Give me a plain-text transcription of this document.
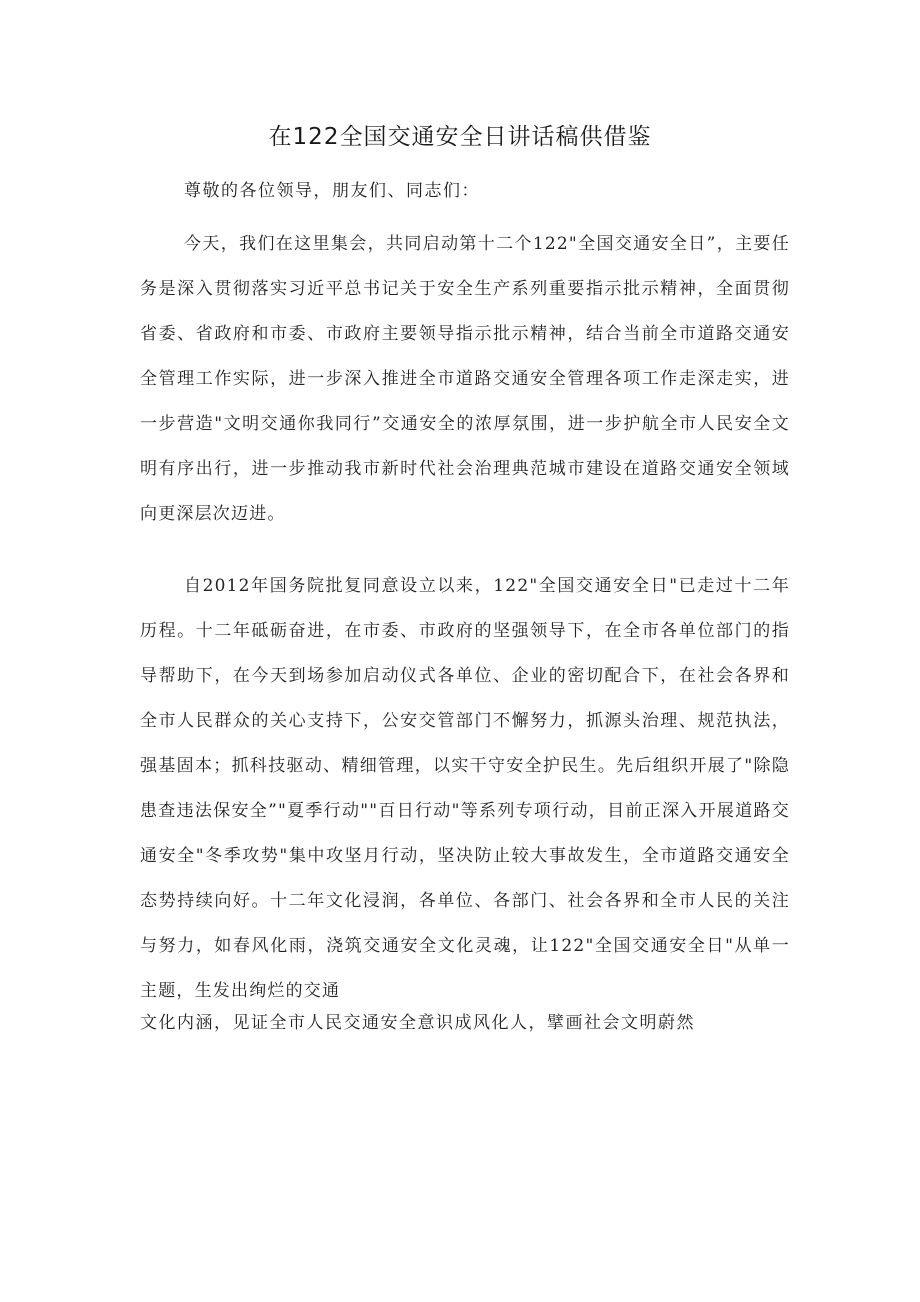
在122全国交通安全日讲话稿供借鉴

尊敬的各位领导，朋友们、同志们：

今天，我们在这里集会，共同启动第十二个122"全国交通安全日”，主要任务是深入贯彻落实习近平总书记关于安全生产系列重要指示批示精神，全面贯彻省委、省政府和市委、市政府主要领导指示批示精神，结合当前全市道路交通安全管理工作实际，进一步深入推进全市道路交通安全管理各项工作走深走实，进一步营造"文明交通你我同行”交通安全的浓厚氛围，进一步护航全市人民安全文明有序出行，进一步推动我市新时代社会治理典范城市建设在道路交通安全领域向更深层次迈进。

自2012年国务院批复同意设立以来，122"全国交通安全日"已走过十二年历程。十二年砥砺奋进，在市委、市政府的坚强领导下，在全市各单位部门的指导帮助下，在今天到场参加启动仪式各单位、企业的密切配合下，在社会各界和全市人民群众的关心支持下，公安交管部门不懈努力，抓源头治理、规范执法，强基固本；抓科技驱动、精细管理，以实干守安全护民生。先后组织开展了"除隐患查违法保安全”"夏季行动""百日行动"等系列专项行动，目前正深入开展道路交通安全"冬季攻势"集中攻坚月行动，坚决防止较大事故发生，全市道路交通安全态势持续向好。十二年文化浸润，各单位、各部门、社会各界和全市人民的关注与努力，如春风化雨，浇筑交通安全文化灵魂，让122"全国交通安全日"从单一主题，生发出绚烂的交通

文化内涵，见证全市人民交通安全意识成风化人，擘画社会文明蔚然
